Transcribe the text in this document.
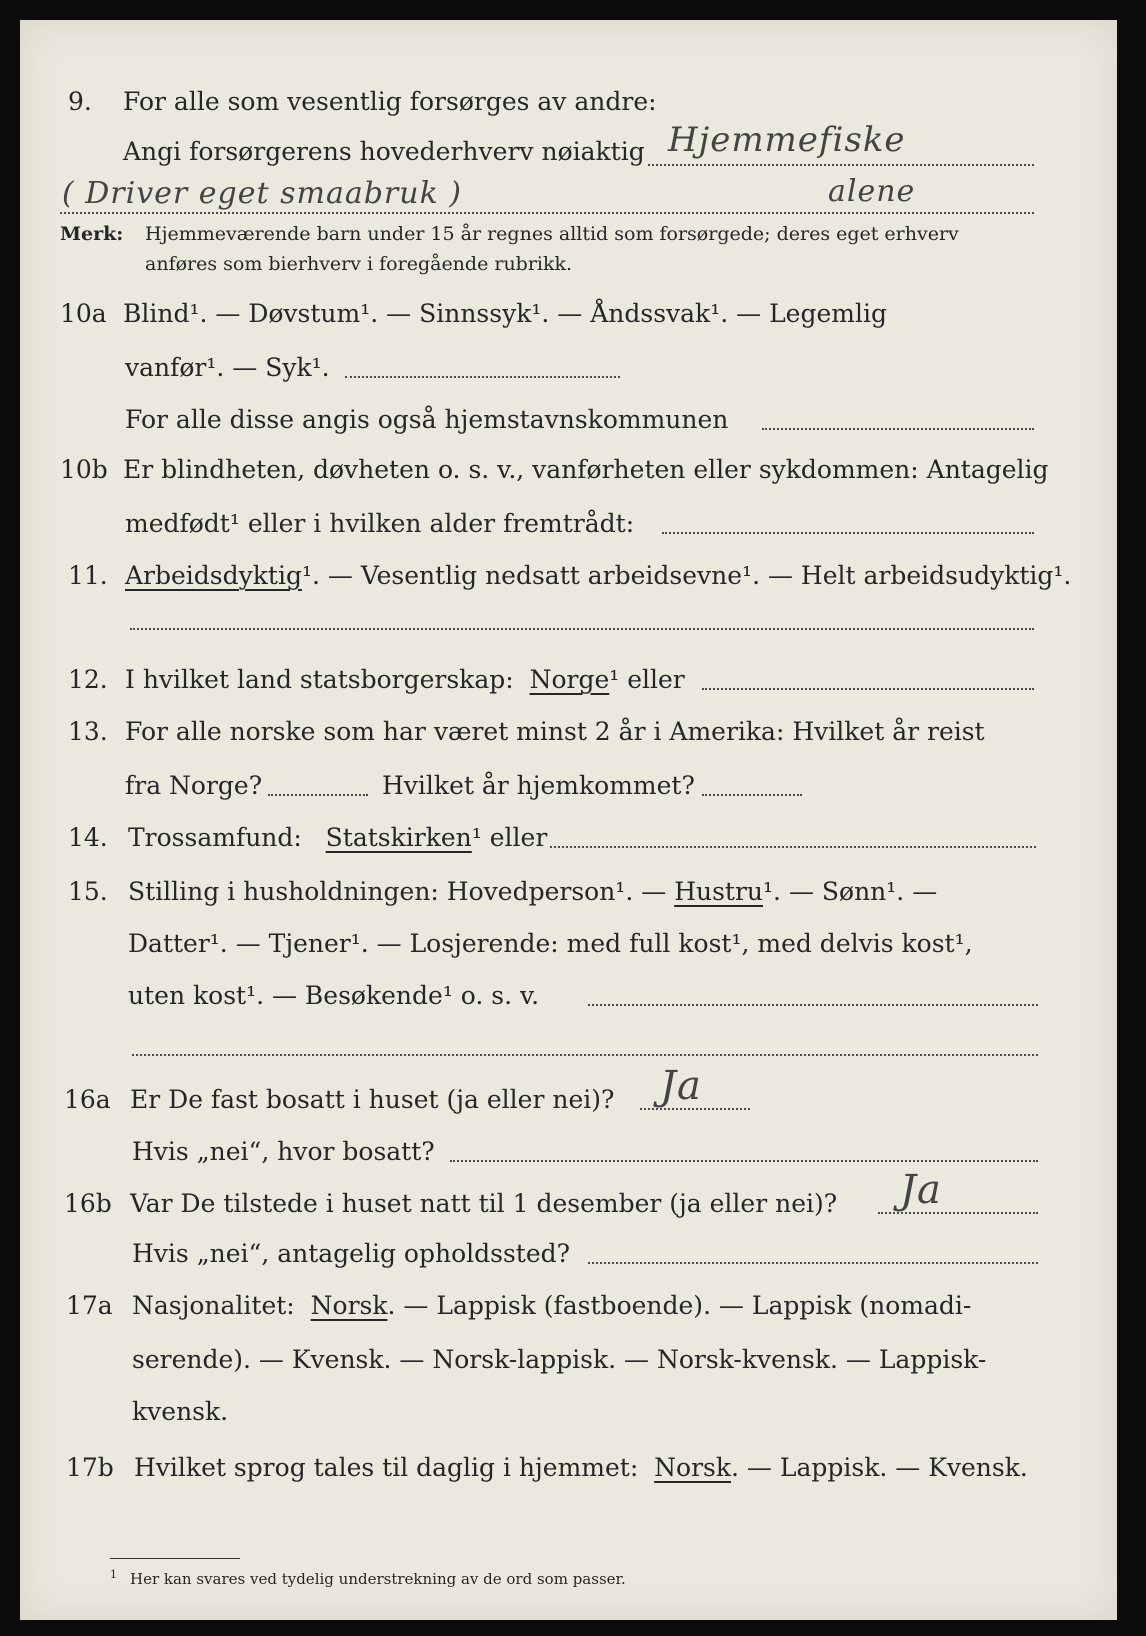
9. For alle som vesentlig forsørges av andre:
Angi forsørgerens hovederhverv nøiaktig Hjemmefiske
( Driver eget smaabruk )	alene
Merk: Hjemmeværende barn under 15 år regnes alltid som forsørgede; deres eget erhverv
anføres som bierhverv i foregående rubrikk.
10a Blind¹. — Døvstum¹. — Sinnssyk¹. — Åndssvak¹. — Legemlig
vanfør¹. — Syk¹.
For alle disse angis også hjemstavnskommunen
10b Er blindheten, døvheten o. s. v., vanførheten eller sykdommen: Antagelig
medfødt¹ eller i hvilken alder fremtrådt:
11. Arbeidsdyktig¹. — Vesentlig nedsatt arbeidsevne¹. — Helt arbeidsudyktig¹.
12. I hvilket land statsborgerskap: Norge¹ eller
13. For alle norske som har været minst 2 år i Amerika: Hvilket år reist
fra Norge?	Hvilket år hjemkommet?
14. Trossamfund: Statskirken¹ eller
15. Stilling i husholdningen: Hovedperson¹. — Hustru¹. — Sønn¹. —
Datter¹. — Tjener¹. — Losjerende: med full kost¹, med delvis kost¹,
uten kost¹. — Besøkende¹ o. s. v.
16a Er De fast bosatt i huset (ja eller nei)? Ja
Hvis „nei“, hvor bosatt?
16b Var De tilstede i huset natt til 1 desember (ja eller nei)? Ja
Hvis „nei“, antagelig opholdssted?
17a Nasjonalitet: Norsk. — Lappisk (fastboende). — Lappisk (nomadi-
serende). — Kvensk. — Norsk-lappisk. — Norsk-kvensk. — Lappisk-
kvensk.
17b Hvilket sprog tales til daglig i hjemmet: Norsk. — Lappisk. — Kvensk.
1 Her kan svares ved tydelig understrekning av de ord som passer.
